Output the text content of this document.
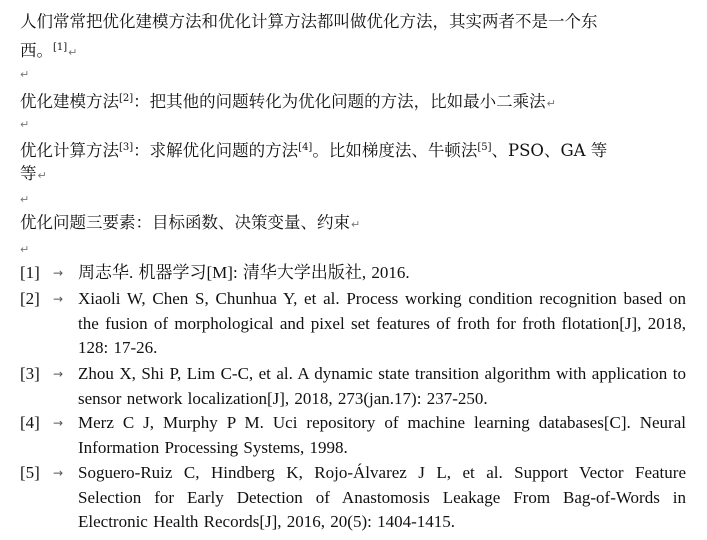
人们常常把优化建模方法和优化计算方法都叫做优化方法，其实两者不是一个东
西。[1]↵
↵
优化建模方法[2]：把其他的问题转化为优化问题的方法，比如最小二乘法↵
↵
优化计算方法[3]：求解优化问题的方法[4]。比如梯度法、牛顿法[5]、PSO、GA 等
等↵
↵
优化问题三要素：目标函数、决策变量、约束↵
↵
[1] → 周志华. 机器学习[M]: 清华大学出版社, 2016.
[2] → Xiaoli W, Chen S, Chunhua Y, et al. Process working condition recognition based on the fusion of morphological and pixel set features of froth for froth flotation[J], 2018, 128: 17-26.
[3] → Zhou X, Shi P, Lim C-C, et al. A dynamic state transition algorithm with application to sensor network localization[J], 2018, 273(jan.17): 237-250.
[4] → Merz C J, Murphy P M. Uci repository of machine learning databases[C]. Neural Information Processing Systems, 1998.
[5] → Soguero-Ruiz C, Hindberg K, Rojo-Álvarez J L, et al. Support Vector Feature Selection for Early Detection of Anastomosis Leakage From Bag-of-Words in Electronic Health Records[J], 2016, 20(5): 1404-1415.
